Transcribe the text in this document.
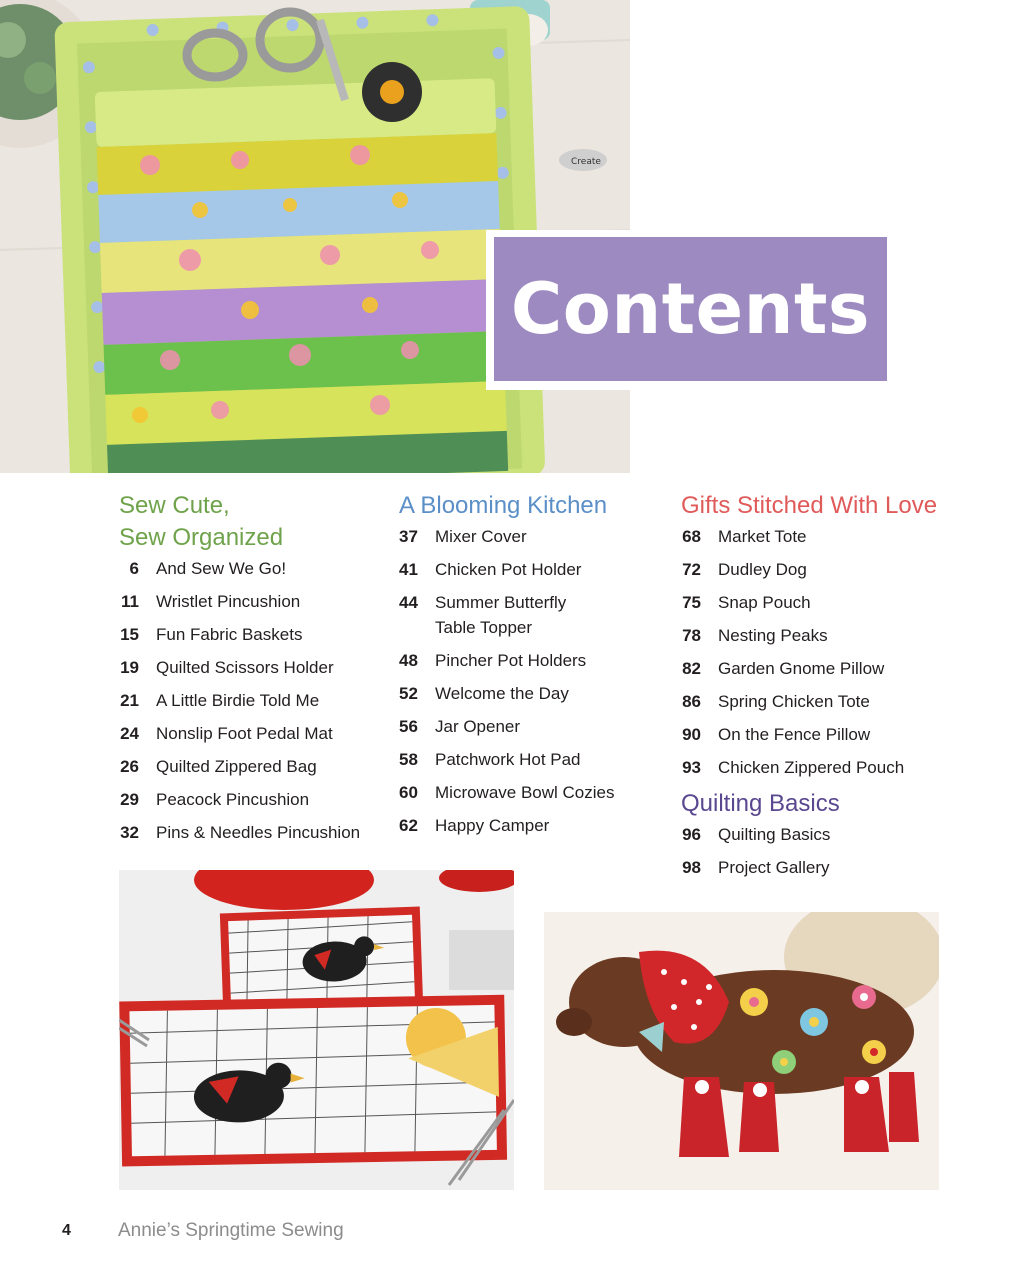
Create
Contents
Sew Cute,
Sew Organized
6 And Sew We Go!
11 Wristlet Pincushion
15 Fun Fabric Baskets
19 Quilted Scissors Holder
21 A Little Birdie Told Me
24 Nonslip Foot Pedal Mat
26 Quilted Zippered Bag
29 Peacock Pincushion
32 Pins & Needles Pincushion
A Blooming Kitchen
37 Mixer Cover
41 Chicken Pot Holder
44 Summer Butterfly
Table Topper
48 Pincher Pot Holders
52 Welcome the Day
56 Jar Opener
58 Patchwork Hot Pad
60 Microwave Bowl Cozies
62 Happy Camper
Gifts Stitched With Love
68 Market Tote
72 Dudley Dog
75 Snap Pouch
78 Nesting Peaks
82 Garden Gnome Pillow
86 Spring Chicken Tote
90 On the Fence Pillow
93 Chicken Zippered Pouch
Quilting Basics
96 Quilting Basics
98 Project Gallery
4 Annie’s Springtime Sewing
